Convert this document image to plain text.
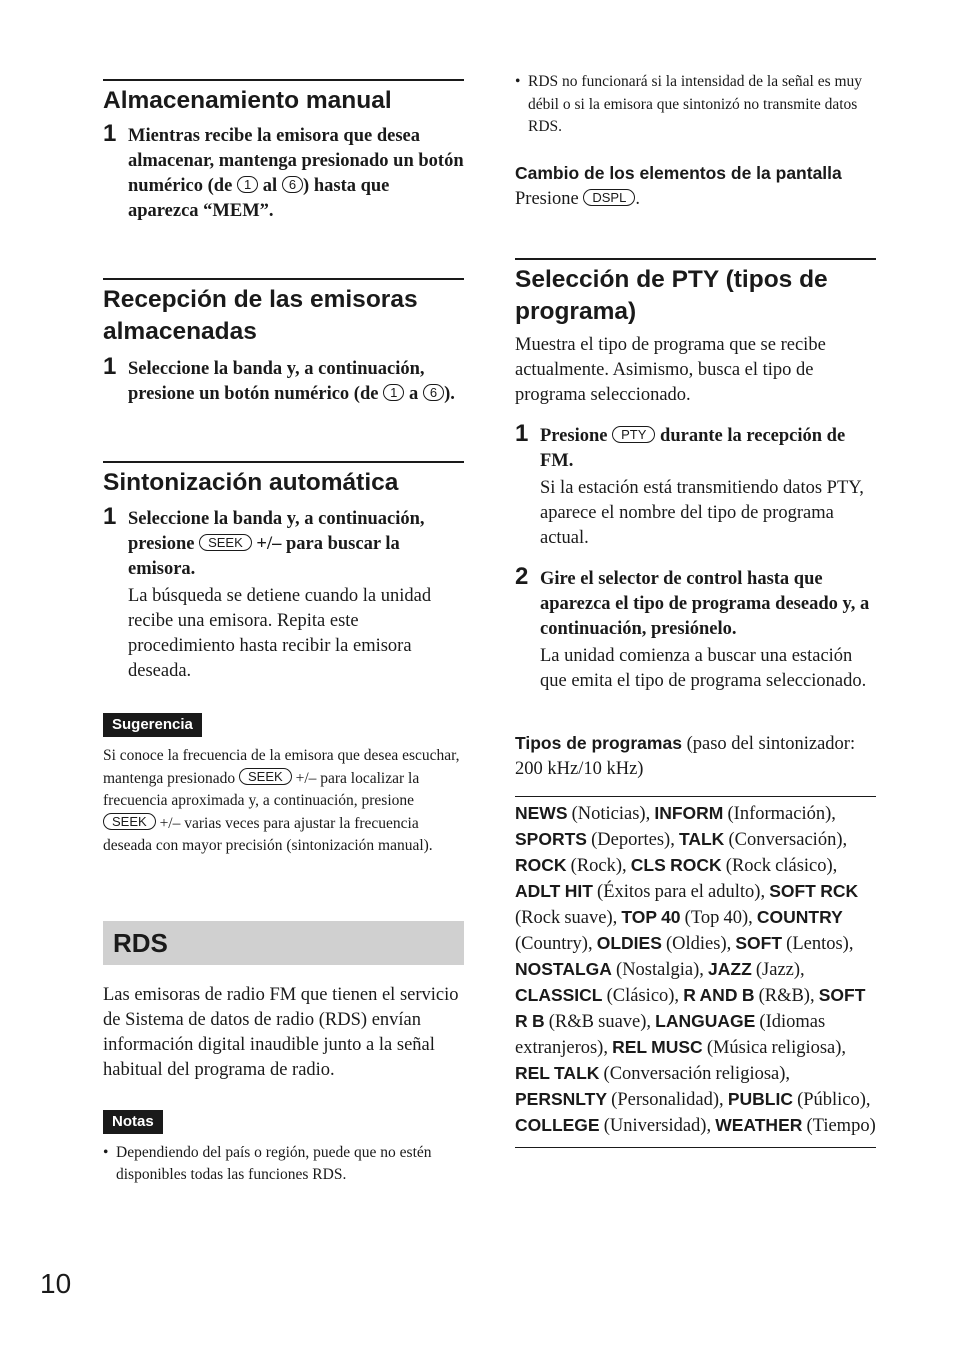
Almacenamiento manual
1 Mientras recibe la emisora que desea almacenar, mantenga presionado un botón numérico (de 1 al 6 ) hasta que aparezca “MEM”.
Recepción de las emisoras almacenadas
1 Seleccione la banda y, a continuación, presione un botón numérico (de 1 a 6 ).
Sintonización automática
1 Seleccione la banda y, a continuación, presione SEEK +/– para buscar la emisora.
La búsqueda se detiene cuando la unidad recibe una emisora. Repita este procedimiento hasta recibir la emisora deseada.
Sugerencia
Si conoce la frecuencia de la emisora que desea escuchar, mantenga presionado SEEK +/– para localizar la frecuencia aproximada y, a continuación, presione SEEK +/– varias veces para ajustar la frecuencia deseada con mayor precisión (sintonización manual).
RDS
Las emisoras de radio FM que tienen el servicio de Sistema de datos de radio (RDS) envían información digital inaudible junto a la señal habitual del programa de radio.
Notas
• Dependiendo del país o región, puede que no estén disponibles todas las funciones RDS.
• RDS no funcionará si la intensidad de la señal es muy débil o si la emisora que sintonizó no transmite datos RDS.
Cambio de los elementos de la pantalla
Presione DSPL .
Selección de PTY (tipos de programa)
Muestra el tipo de programa que se recibe actualmente. Asimismo, busca el tipo de programa seleccionado.
1 Presione PTY durante la recepción de FM.
Si la estación está transmitiendo datos PTY, aparece el nombre del tipo de programa actual.
2 Gire el selector de control hasta que aparezca el tipo de programa deseado y, a continuación, presiónelo.
La unidad comienza a buscar una estación que emita el tipo de programa seleccionado.
Tipos de programas (paso del sintonizador: 200 kHz/10 kHz)
NEWS (Noticias), INFORM (Información), SPORTS (Deportes), TALK (Conversación), ROCK (Rock), CLS ROCK (Rock clásico), ADLT HIT (Éxitos para el adulto), SOFT RCK (Rock suave), TOP 40 (Top 40), COUNTRY (Country), OLDIES (Oldies), SOFT (Lentos), NOSTALGA (Nostalgia), JAZZ (Jazz), CLASSICL (Clásico), R AND B (R&B), SOFT R B (R&B suave), LANGUAGE (Idiomas extranjeros), REL MUSC (Música religiosa), REL TALK (Conversación religiosa), PERSNLTY (Personalidad), PUBLIC (Público), COLLEGE (Universidad), WEATHER (Tiempo)
10
